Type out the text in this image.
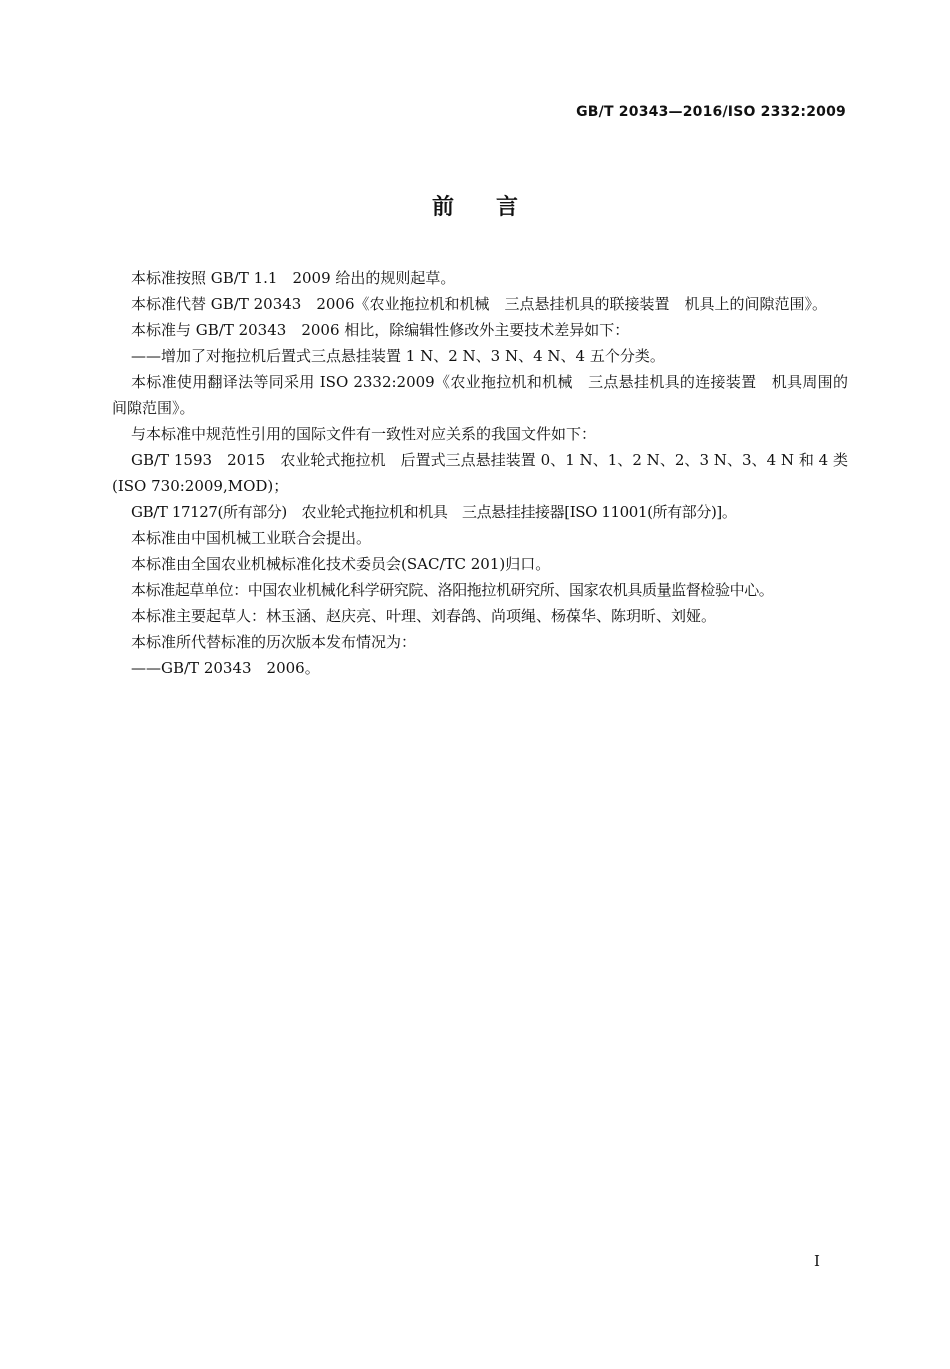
GB/T 20343—2016/ISO 2332:2009
前言

本标准按照 GB/T 1.1　2009 给出的规则起草。

本标准代替 GB/T 20343　2006《农业拖拉机和机械　三点悬挂机具的联接装置　机具上的间隙范围》。

本标准与 GB/T 20343　2006 相比，除编辑性修改外主要技术差异如下：

——增加了对拖拉机后置式三点悬挂装置 1 N、2 N、3 N、4 N、4 五个分类。

本标准使用翻译法等同采用 ISO 2332:2009《农业拖拉机和机械　三点悬挂机具的连接装置　机具周围的间隙范围》。

与本标准中规范性引用的国际文件有一致性对应关系的我国文件如下：

GB/T 1593　2015　农业轮式拖拉机　后置式三点悬挂装置 0、1 N、1、2 N、2、3 N、3、4 N 和 4 类(ISO 730:2009,MOD)；

GB/T 17127(所有部分)　农业轮式拖拉机和机具　三点悬挂挂接器[ISO 11001(所有部分)]。

本标准由中国机械工业联合会提出。

本标准由全国农业机械标准化技术委员会(SAC/TC 201)归口。

本标准起草单位：中国农业机械化科学研究院、洛阳拖拉机研究所、国家农机具质量监督检验中心。

本标准主要起草人：林玉涵、赵庆亮、叶理、刘春鸽、尚项绳、杨葆华、陈玥昕、刘娅。

本标准所代替标准的历次版本发布情况为：

——GB/T 20343　2006。

I
